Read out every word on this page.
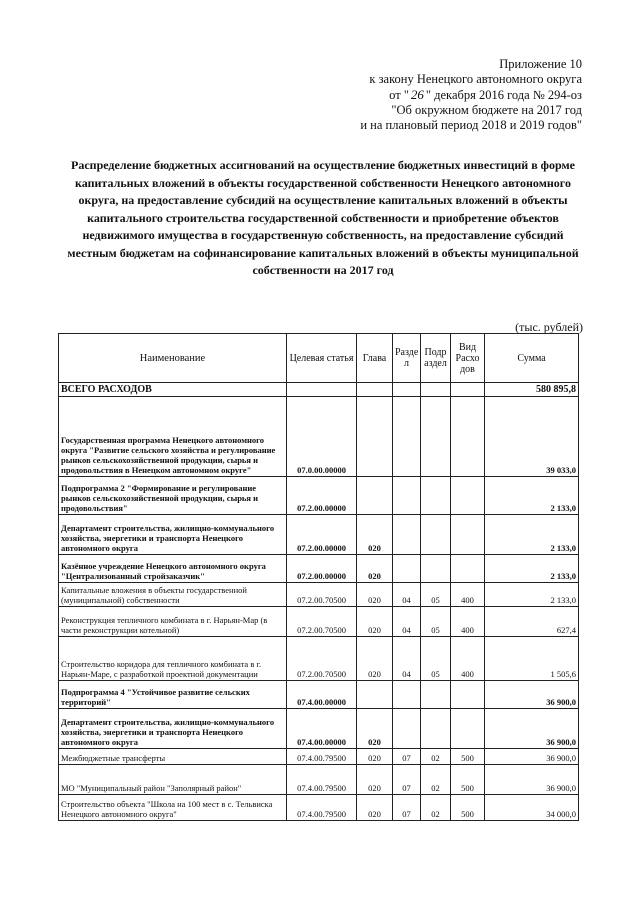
Приложение 10
к закону Ненецкого автономного округа
от " 26 " декабря 2016 года № 294-оз
"Об окружном бюджете на 2017 год
и на плановый период 2018 и 2019 годов"
Распределение бюджетных ассигнований на осуществление бюджетных инвестиций в форме капитальных вложений в объекты государственной собственности Ненецкого автономного округа, на предоставление субсидий на осуществление капитальных вложений в объекты капитального строительства государственной собственности и приобретение объектов недвижимого имущества в государственную собственность, на предоставление субсидий местным бюджетам на софинансирование капитальных вложений в объекты муниципальной собственности на 2017 год
(тыс. рублей)
Наименование	Целевая статья	Глава	Разде л	Подр аздел	Вид Расхо дов	Сумма
ВСЕГО РАСХОДОВ						580 895,8
Государственная программа Ненецкого автономного округа "Развитие сельского хозяйства и регулирование рынков сельскохозяйственной продукции, сырья и продовольствия в Ненецком автономном округе"	07.0.00.00000					39 033,0
Подпрограмма 2 "Формирование и регулирование рынков сельскохозяйственной продукции, сырья и продовольствия"	07.2.00.00000					2 133,0
Департамент строительства, жилищно-коммунального хозяйства, энергетики и транспорта Ненецкого автономного округа	07.2.00.00000	020				2 133,0
Казённое учреждение Ненецкого автономного округа "Централизованный стройзаказчик"	07.2.00.00000	020				2 133,0
Капитальные вложения в объекты государственной (муниципальной) собственности	07.2.00.70500	020	04	05	400	2 133,0
Реконструкция тепличного комбината в г. Нарьян-Мар (в части реконструкции котельной)	07.2.00.70500	020	04	05	400	627,4
Строительство коридора для тепличного комбината в г. Нарьян-Маре, с разработкой проектной документации	07.2.00.70500	020	04	05	400	1 505,6
Подпрограмма 4 "Устойчивое развитие сельских территорий"	07.4.00.00000					36 900,0
Департамент строительства, жилищно-коммунального хозяйства, энергетики и транспорта Ненецкого автономного округа	07.4.00.00000	020				36 900,0
Межбюджетные трансферты	07.4.00.79500	020	07	02	500	36 900,0
МО "Муниципальный район "Заполярный район"	07.4.00.79500	020	07	02	500	36 900,0
Строительство объекта "Школа на 100 мест в с. Тельвиска Ненецкого автономного округа"	07.4.00.79500	020	07	02	500	34 000,0
